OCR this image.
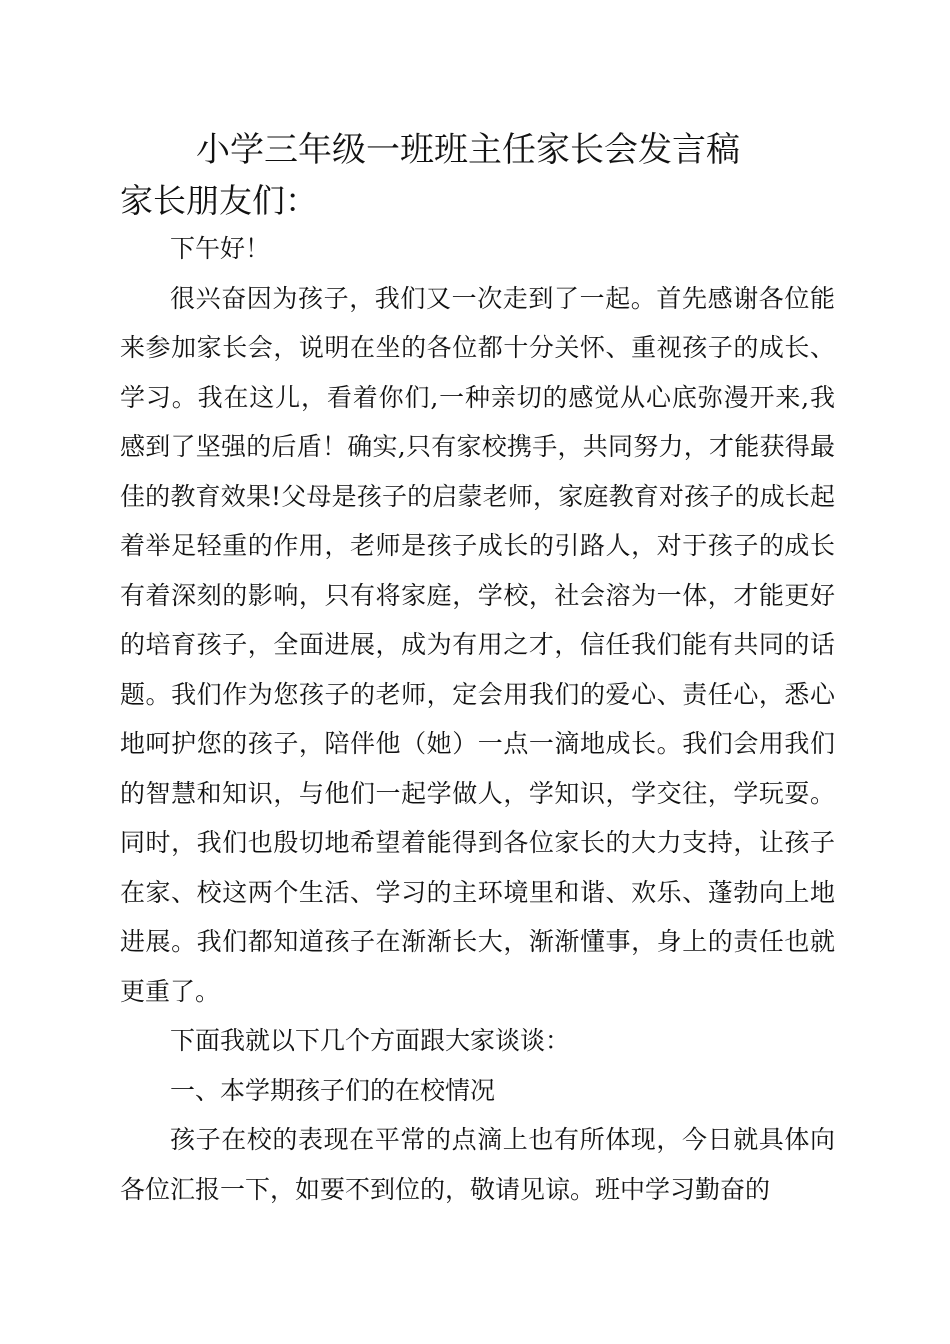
小学三年级一班班主任家长会发言稿

家长朋友们：

下午好！

很兴奋因为孩子，我们又一次走到了一起。首先感谢各位能来参加家长会，说明在坐的各位都十分关怀、重视孩子的成长、学习。我在这儿，看着你们,一种亲切的感觉从心底弥漫开来,我感到了坚强的后盾！确实,只有家校携手，共同努力，才能获得最佳的教育效果!父母是孩子的启蒙老师，家庭教育对孩子的成长起着举足轻重的作用，老师是孩子成长的引路人，对于孩子的成长有着深刻的影响，只有将家庭，学校，社会溶为一体，才能更好的培育孩子，全面进展，成为有用之才，信任我们能有共同的话题。我们作为您孩子的老师，定会用我们的爱心、责任心，悉心地呵护您的孩子，陪伴他（她）一点一滴地成长。我们会用我们的智慧和知识，与他们一起学做人，学知识，学交往，学玩耍。同时，我们也殷切地希望着能得到各位家长的大力支持，让孩子在家、校这两个生活、学习的主环境里和谐、欢乐、蓬勃向上地进展。我们都知道孩子在渐渐长大，渐渐懂事，身上的责任也就更重了。

下面我就以下几个方面跟大家谈谈：

一、本学期孩子们的在校情况

孩子在校的表现在平常的点滴上也有所体现，今日就具体向各位汇报一下，如要不到位的，敬请见谅。班中学习勤奋的
